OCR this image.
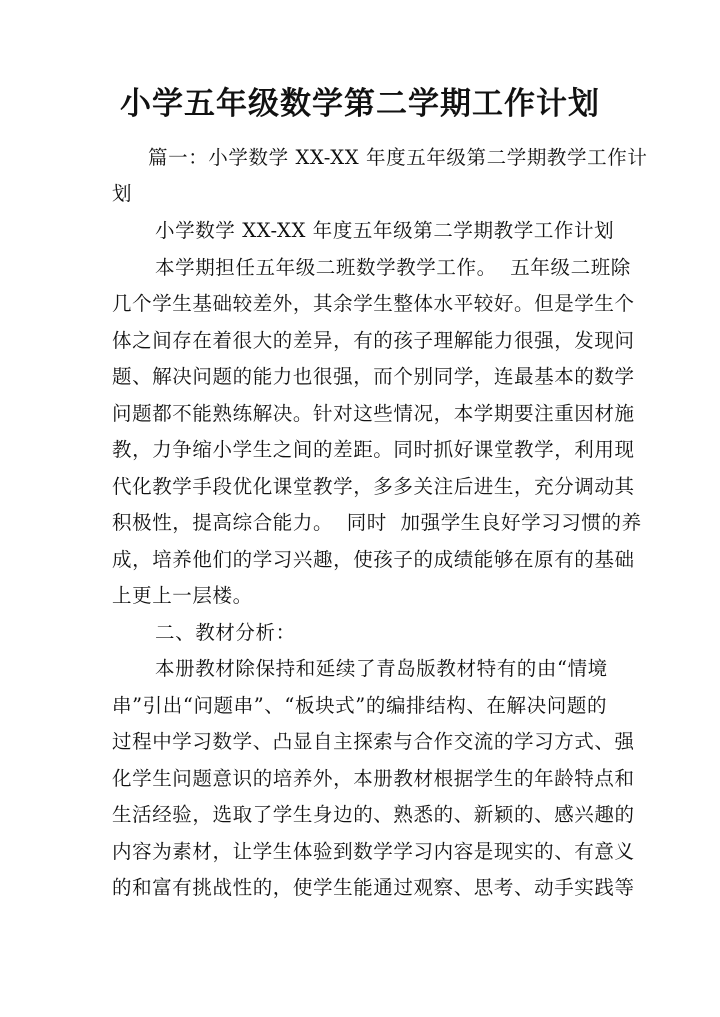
小学五年级数学第二学期工作计划
篇一：小学数学 XX-XX 年度五年级第二学期教学工作计
划
小学数学 XX-XX 年度五年级第二学期教学工作计划
本学期担任五年级二班数学教学工作。  五年级二班除
几个学生基础较差外，其余学生整体水平较好。但是学生个
体之间存在着很大的差异，有的孩子理解能力很强，发现问
题、解决问题的能力也很强，而个别同学，连最基本的数学
问题都不能熟练解决。针对这些情况，本学期要注重因材施
教，力争缩小学生之间的差距。同时抓好课堂教学，利用现
代化教学手段优化课堂教学，多多关注后进生，充分调动其
积极性，提高综合能力。  同时  加强学生良好学习习惯的养
成，培养他们的学习兴趣，使孩子的成绩能够在原有的基础
上更上一层楼。
二、教材分析：
本册教材除保持和延续了青岛版教材特有的由“情境
串”引出“问题串”、“板块式”的编排结构、在解决问题的
过程中学习数学、凸显自主探索与合作交流的学习方式、强
化学生问题意识的培养外，本册教材根据学生的年龄特点和
生活经验，选取了学生身边的、熟悉的、新颖的、感兴趣的
内容为素材，让学生体验到数学学习内容是现实的、有意义
的和富有挑战性的，使学生能通过观察、思考、动手实践等
